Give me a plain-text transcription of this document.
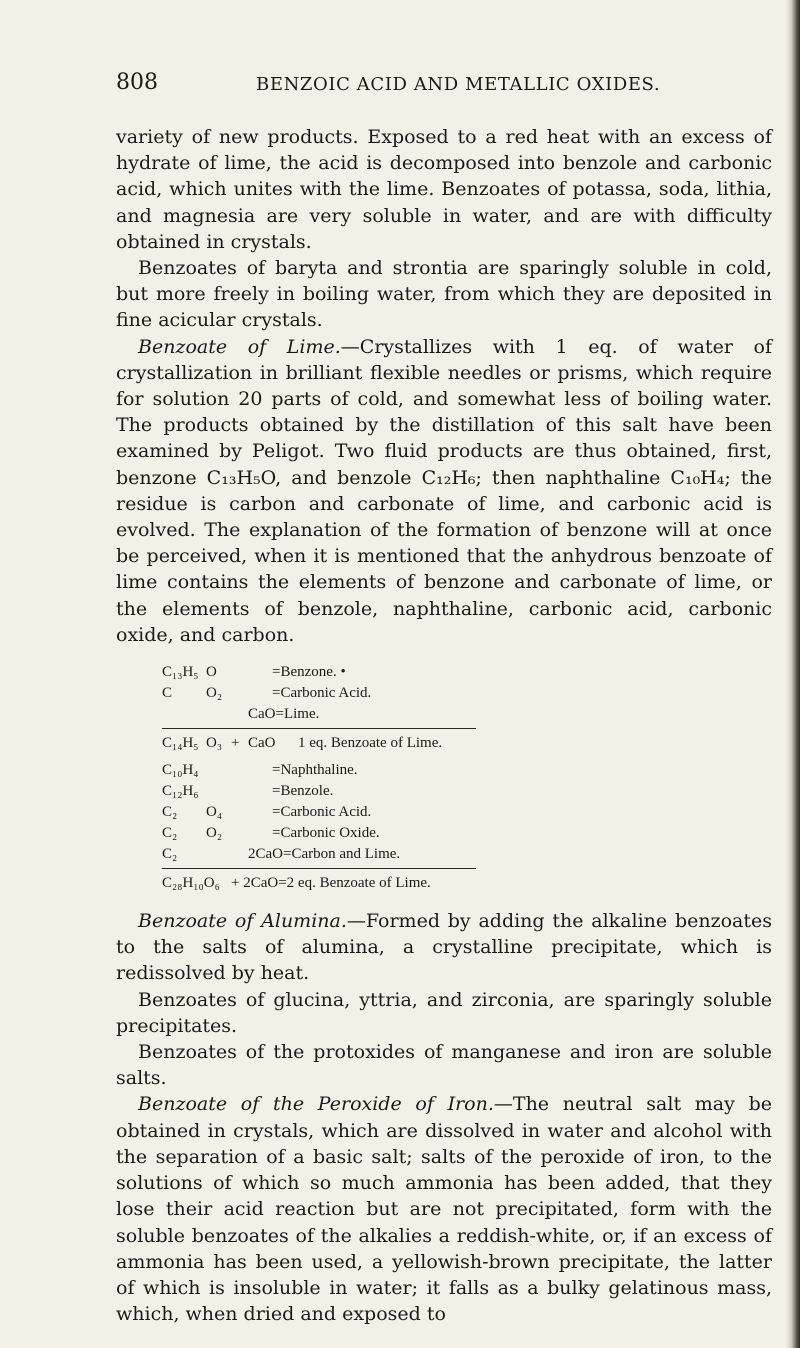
808	BENZOIC ACID AND METALLIC OXIDES.

variety of new products. Exposed to a red heat with an excess of hydrate of lime, the acid is decomposed into benzole and carbonic acid, which unites with the lime. Benzoates of potassa, soda, lithia, and magnesia are very soluble in water, and are with difficulty obtained in crystals.

Benzoates of baryta and strontia are sparingly soluble in cold, but more freely in boiling water, from which they are deposited in fine acicular crystals.

Benzoate of Lime.—Crystallizes with 1 eq. of water of crystallization in brilliant flexible needles or prisms, which require for solution 20 parts of cold, and somewhat less of boiling water. The products obtained by the distillation of this salt have been examined by Peligot. Two fluid products are thus obtained, first, benzone C₁₃H₅O, and benzole C₁₂H₆; then naphthaline C₁₀H₄; the residue is carbon and carbonate of lime, and carbonic acid is evolved. The explanation of the formation of benzone will at once be perceived, when it is mentioned that the anhydrous benzoate of lime contains the elements of benzone and carbonate of lime, or the elements of benzole, naphthaline, carbonic acid, carbonic oxide, and carbon.

C₁₃H₅ O	=Benzone. •
C O₂	=Carbonic Acid.
CaO=Lime.
C₁₄H₅ O₃ + CaO 1 eq. Benzoate of Lime.
C₁₀H₄	=Naphthaline.
C₁₂H₆	=Benzole.
C₂ O₄	=Carbonic Acid.
C₂ O₂	=Carbonic Oxide.
C₂	2CaO=Carbon and Lime.
C₂₈H₁₀O₆ + 2CaO=2 eq. Benzoate of Lime.

Benzoate of Alumina.—Formed by adding the alkaline benzoates to the salts of alumina, a crystalline precipitate, which is redissolved by heat.

Benzoates of glucina, yttria, and zirconia, are sparingly soluble precipitates.

Benzoates of the protoxides of manganese and iron are soluble salts.

Benzoate of the Peroxide of Iron.—The neutral salt may be obtained in crystals, which are dissolved in water and alcohol with the separation of a basic salt; salts of the peroxide of iron, to the solutions of which so much ammonia has been added, that they lose their acid reaction but are not precipitated, form with the soluble benzoates of the alkalies a reddish-white, or, if an excess of ammonia has been used, a yellowish-brown precipitate, the latter of which is insoluble in water; it falls as a bulky gelatinous mass, which, when dried and exposed to
